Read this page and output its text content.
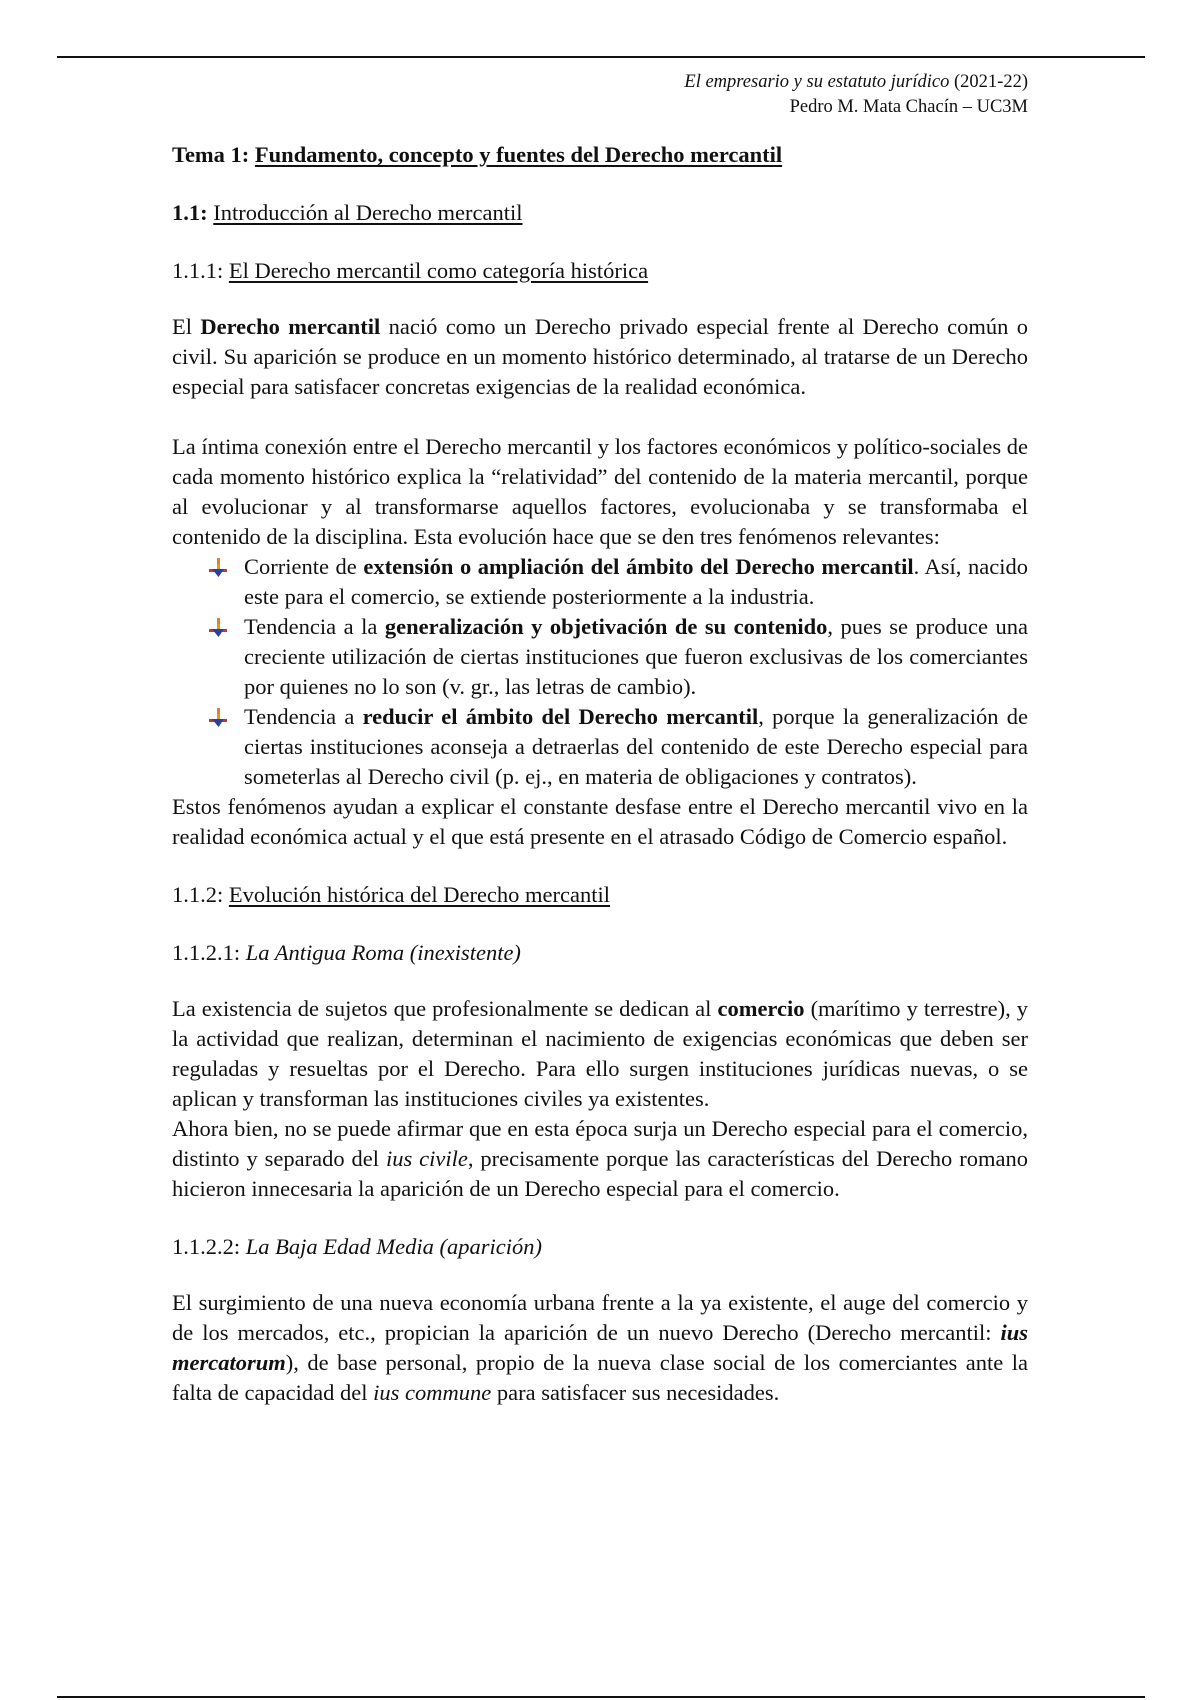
El empresario y su estatuto jurídico (2021-22)
Pedro M. Mata Chacín – UC3M
Tema 1: Fundamento, concepto y fuentes del Derecho mercantil
1.1: Introducción al Derecho mercantil
1.1.1: El Derecho mercantil como categoría histórica

El Derecho mercantil nació como un Derecho privado especial frente al Derecho común o civil. Su aparición se produce en un momento histórico determinado, al tratarse de un Derecho especial para satisfacer concretas exigencias de la realidad económica.

La íntima conexión entre el Derecho mercantil y los factores económicos y político-sociales de cada momento histórico explica la “relatividad” del contenido de la materia mercantil, porque al evolucionar y al transformarse aquellos factores, evolucionaba y se transformaba el contenido de la disciplina. Esta evolución hace que se den tres fenómenos relevantes:

Corriente de extensión o ampliación del ámbito del Derecho mercantil. Así, nacido este para el comercio, se extiende posteriormente a la industria.
Tendencia a la generalización y objetivación de su contenido, pues se produce una creciente utilización de ciertas instituciones que fueron exclusivas de los comerciantes por quienes no lo son (v. gr., las letras de cambio).
Tendencia a reducir el ámbito del Derecho mercantil, porque la generalización de ciertas instituciones aconseja a detraerlas del contenido de este Derecho especial para someterlas al Derecho civil (p. ej., en materia de obligaciones y contratos).

Estos fenómenos ayudan a explicar el constante desfase entre el Derecho mercantil vivo en la realidad económica actual y el que está presente en el atrasado Código de Comercio español.

1.1.2: Evolución histórica del Derecho mercantil
1.1.2.1: La Antigua Roma (inexistente)

La existencia de sujetos que profesionalmente se dedican al comercio (marítimo y terrestre), y la actividad que realizan, determinan el nacimiento de exigencias económicas que deben ser reguladas y resueltas por el Derecho. Para ello surgen instituciones jurídicas nuevas, o se aplican y transforman las instituciones civiles ya existentes.

Ahora bien, no se puede afirmar que en esta época surja un Derecho especial para el comercio, distinto y separado del ius civile, precisamente porque las características del Derecho romano hicieron innecesaria la aparición de un Derecho especial para el comercio.

1.1.2.2: La Baja Edad Media (aparición)

El surgimiento de una nueva economía urbana frente a la ya existente, el auge del comercio y de los mercados, etc., propician la aparición de un nuevo Derecho (Derecho mercantil: ius mercatorum), de base personal, propio de la nueva clase social de los comerciantes ante la falta de capacidad del ius commune para satisfacer sus necesidades.
